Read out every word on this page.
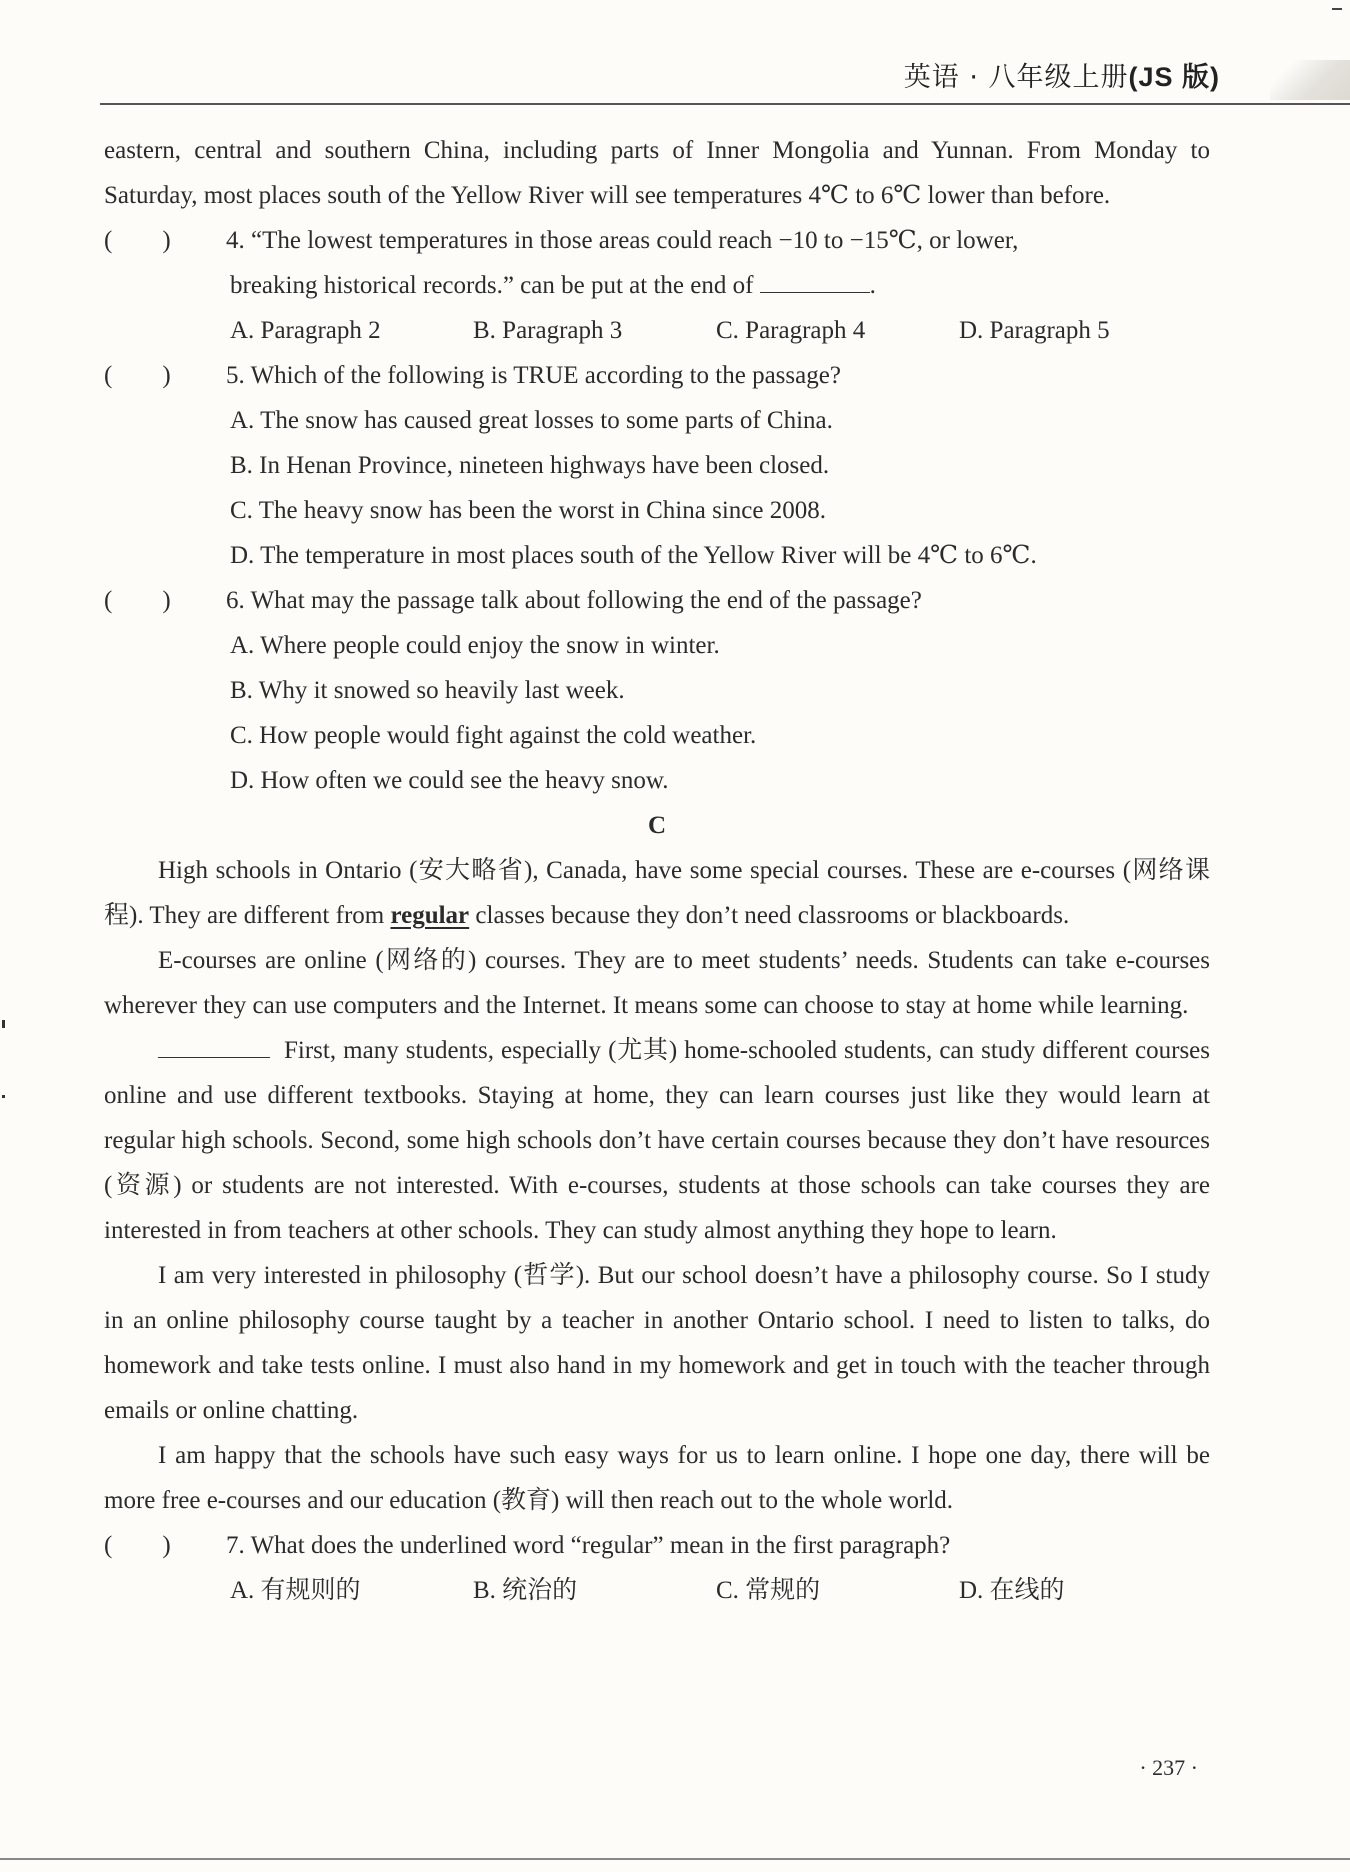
英语 · 八年级上册(JS 版)

eastern, central and southern China, including parts of Inner Mongolia and Yunnan. From Monday to Saturday, most places south of the Yellow River will see temperatures 4℃ to 6℃ lower than before.

(　　) 4. “The lowest temperatures in those areas could reach −10 to −15℃, or lower,
breaking historical records.” can be put at the end of	.
A. Paragraph 2	B. Paragraph 3	C. Paragraph 4	D. Paragraph 5
(　　) 5. Which of the following is TRUE according to the passage?

A. The snow has caused great losses to some parts of China.

B. In Henan Province, nineteen highways have been closed.

C. The heavy snow has been the worst in China since 2008.

D. The temperature in most places south of the Yellow River will be 4℃ to 6℃.

(　　) 6. What may the passage talk about following the end of the passage?

A. Where people could enjoy the snow in winter.

B. Why it snowed so heavily last week.

C. How people would fight against the cold weather.

D. How often we could see the heavy snow.

C

High schools in Ontario (安大略省), Canada, have some special courses. These are e-courses (网络课程). They are different from regular classes because they don’t need classrooms or blackboards.

E-courses are online (网络的) courses. They are to meet students’ needs. Students can take e-courses wherever they can use computers and the Internet. It means some can choose to stay at home while learning.

First, many students, especially (尤其) home-schooled students, can study different courses online and use different textbooks. Staying at home, they can learn courses just like they would learn at regular high schools. Second, some high schools don’t have certain courses because they don’t have resources (资源) or students are not interested. With e-courses, students at those schools can take courses they are interested in from teachers at other schools. They can study almost anything they hope to learn.

I am very interested in philosophy (哲学). But our school doesn’t have a philosophy course. So I study in an online philosophy course taught by a teacher in another Ontario school. I need to listen to talks, do homework and take tests online. I must also hand in my homework and get in touch with the teacher through emails or online chatting.

I am happy that the schools have such easy ways for us to learn online. I hope one day, there will be more free e-courses and our education (教育) will then reach out to the whole world.

(　　) 7. What does the underlined word “regular” mean in the first paragraph?
A. 有规则的	B. 统治的	C. 常规的	D. 在线的
· 237 ·
